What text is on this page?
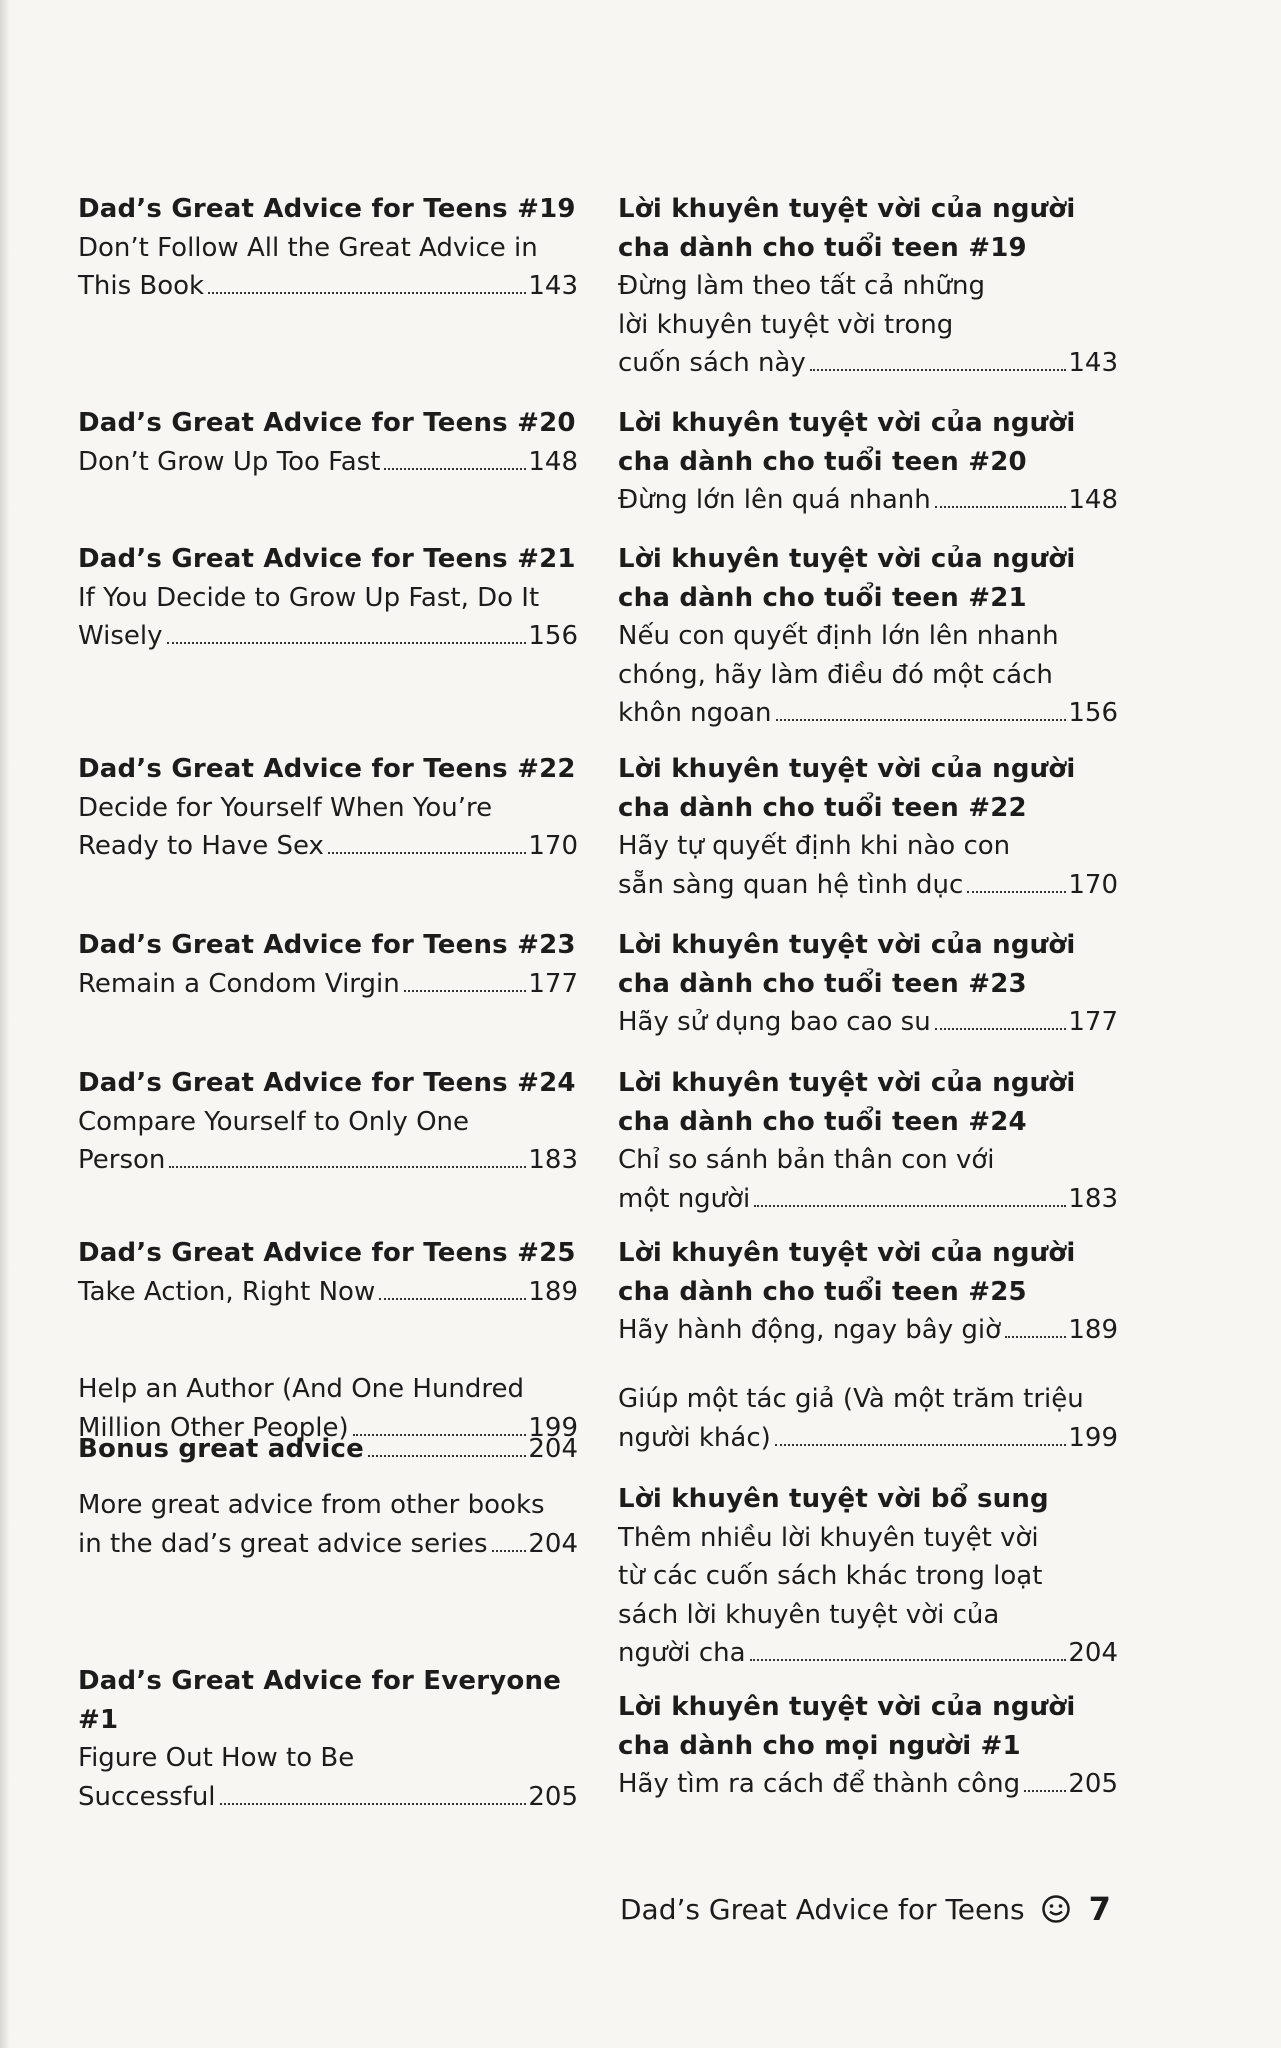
Dad’s Great Advice for Teens #19
Don’t Follow All the Great Advice in
This Book	143
Dad’s Great Advice for Teens #20
Don’t Grow Up Too Fast	148
Dad’s Great Advice for Teens #21
If You Decide to Grow Up Fast, Do It
Wisely	156
Dad’s Great Advice for Teens #22
Decide for Yourself When You’re
Ready to Have Sex	170
Dad’s Great Advice for Teens #23
Remain a Condom Virgin	177
Dad’s Great Advice for Teens #24
Compare Yourself to Only One
Person	183
Dad’s Great Advice for Teens #25
Take Action, Right Now	189
Help an Author (And One Hundred
Million Other People)	199
Bonus great advice	204
More great advice from other books
in the dad’s great advice series 204
Dad’s Great Advice for Everyone
#1
Figure Out How to Be
Successful	205
Lời khuyên tuyệt vời của người
cha dành cho tuổi teen #19
Đừng làm theo tất cả những
lời khuyên tuyệt vời trong
cuốn sách này	143
Lời khuyên tuyệt vời của người
cha dành cho tuổi teen #20
Đừng lớn lên quá nhanh	148
Lời khuyên tuyệt vời của người
cha dành cho tuổi teen #21
Nếu con quyết định lớn lên nhanh
chóng, hãy làm điều đó một cách
khôn ngoan	156
Lời khuyên tuyệt vời của người
cha dành cho tuổi teen #22
Hãy tự quyết định khi nào con
sẵn sàng quan hệ tình dục	170
Lời khuyên tuyệt vời của người
cha dành cho tuổi teen #23
Hãy sử dụng bao cao su	177
Lời khuyên tuyệt vời của người
cha dành cho tuổi teen #24
Chỉ so sánh bản thân con với
một người	183
Lời khuyên tuyệt vời của người
cha dành cho tuổi teen #25
Hãy hành động, ngay bây giờ	189
Giúp một tác giả (Và một trăm triệu
người khác)	199
Lời khuyên tuyệt vời bổ sung
Thêm nhiều lời khuyên tuyệt vời
từ các cuốn sách khác trong loạt
sách lời khuyên tuyệt vời của
người cha	204
Lời khuyên tuyệt vời của người
cha dành cho mọi người #1
Hãy tìm ra cách để thành công 205
Dad’s Great Advice for Teens 7
